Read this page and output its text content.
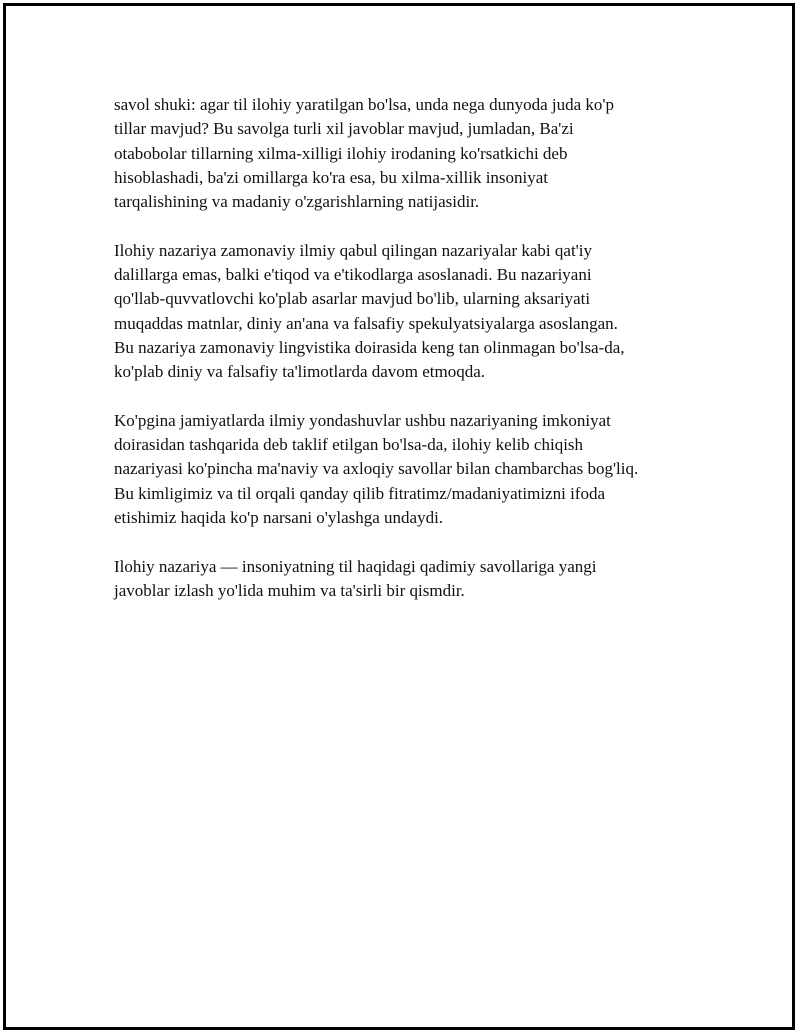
savol shuki: agar til ilohiy yaratilgan bo'lsa, unda nega dunyoda juda ko'p
tillar mavjud? Bu savolga turli xil javoblar mavjud, jumladan, Ba'zi
otabobolar tillarning xilma-xilligi ilohiy irodaning ko'rsatkichi deb
hisoblashadi, ba'zi omillarga ko'ra esa, bu xilma-xillik insoniyat
tarqalishining va madaniy o'zgarishlarning natijasidir.

Ilohiy nazariya zamonaviy ilmiy qabul qilingan nazariyalar kabi qat'iy
dalillarga emas, balki e'tiqod va e'tikodlarga asoslanadi. Bu nazariyani
qo'llab-quvvatlovchi ko'plab asarlar mavjud bo'lib, ularning aksariyati
muqaddas matnlar, diniy an'ana va falsafiy spekulyatsiyalarga asoslangan.
Bu nazariya zamonaviy lingvistika doirasida keng tan olinmagan bo'lsa-da,
ko'plab diniy va falsafiy ta'limotlarda davom etmoqda.

Ko'pgina jamiyatlarda ilmiy yondashuvlar ushbu nazariyaning imkoniyat
doirasidan tashqarida deb taklif etilgan bo'lsa-da, ilohiy kelib chiqish
nazariyasi ko'pincha ma'naviy va axloqiy savollar bilan chambarchas bog'liq.
Bu kimligimiz va til orqali qanday qilib fitratimz/madaniyatimizni ifoda
etishimiz haqida ko'p narsani o'ylashga undaydi.

Ilohiy nazariya — insoniyatning til haqidagi qadimiy savollariga yangi
javoblar izlash yo'lida muhim va ta'sirli bir qismdir.
